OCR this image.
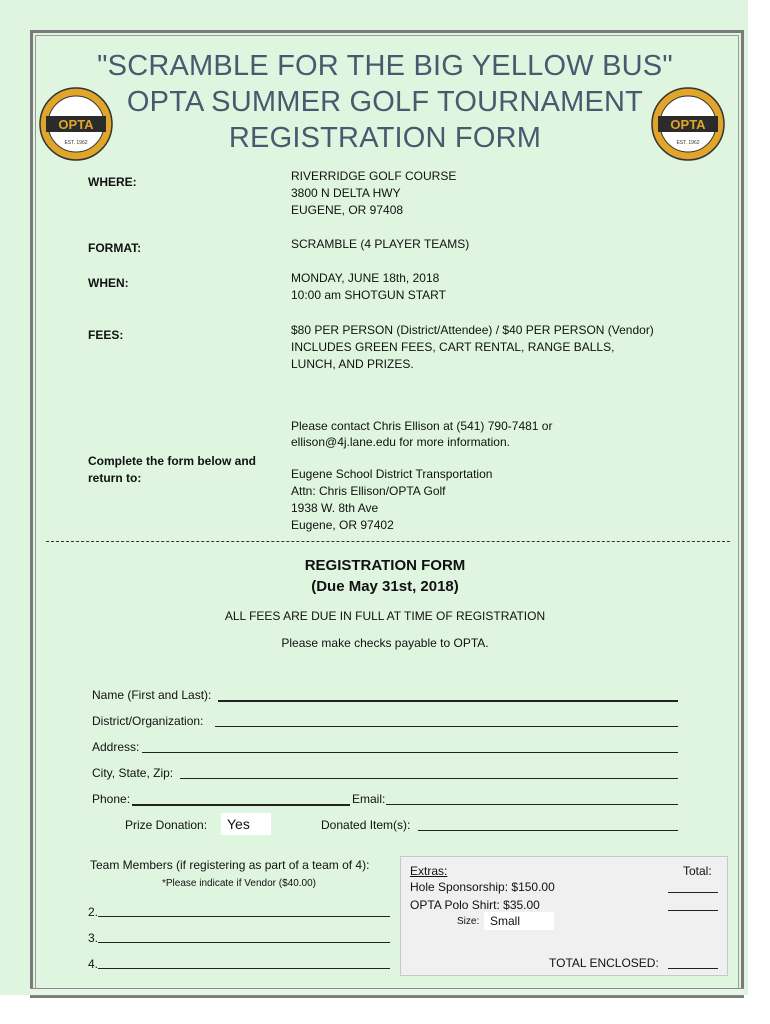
"SCRAMBLE FOR THE BIG YELLOW BUS"
OPTA SUMMER GOLF TOURNAMENT
REGISTRATION FORM
OPTA
EST. 1962
OPTA
EST. 1962
WHERE:	RIVERRIDGE GOLF COURSE
3800 N DELTA HWY
EUGENE, OR 97408
FORMAT:	SCRAMBLE (4 PLAYER TEAMS)
WHEN:	MONDAY, JUNE 18th, 2018
10:00 am SHOTGUN START
FEES:	$80 PER PERSON (District/Attendee) / $40 PER PERSON (Vendor)
INCLUDES GREEN FEES, CART RENTAL, RANGE BALLS,
LUNCH, AND PRIZES.
Please contact Chris Ellison at (541) 790-7481 or
ellison@4j.lane.edu for more information.
Complete the form below and
return to:	Eugene School District Transportation
Attn: Chris Ellison/OPTA Golf
1938 W. 8th Ave
Eugene, OR 97402
REGISTRATION FORM
(Due May 31st, 2018)
ALL FEES ARE DUE IN FULL AT TIME OF REGISTRATION
Please make checks payable to OPTA.
Name (First and Last):
District/Organization:
Address:
City, State, Zip:
Phone:	Email:
Prize Donation:	Yes	Donated Item(s):
Team Members (if registering as part of a team of 4):
*Please indicate if Vendor ($40.00)
2.
3.
4.
Extras:	Total:
Hole Sponsorship: $150.00
OPTA Polo Shirt: $35.00
Size: Small
TOTAL ENCLOSED:
